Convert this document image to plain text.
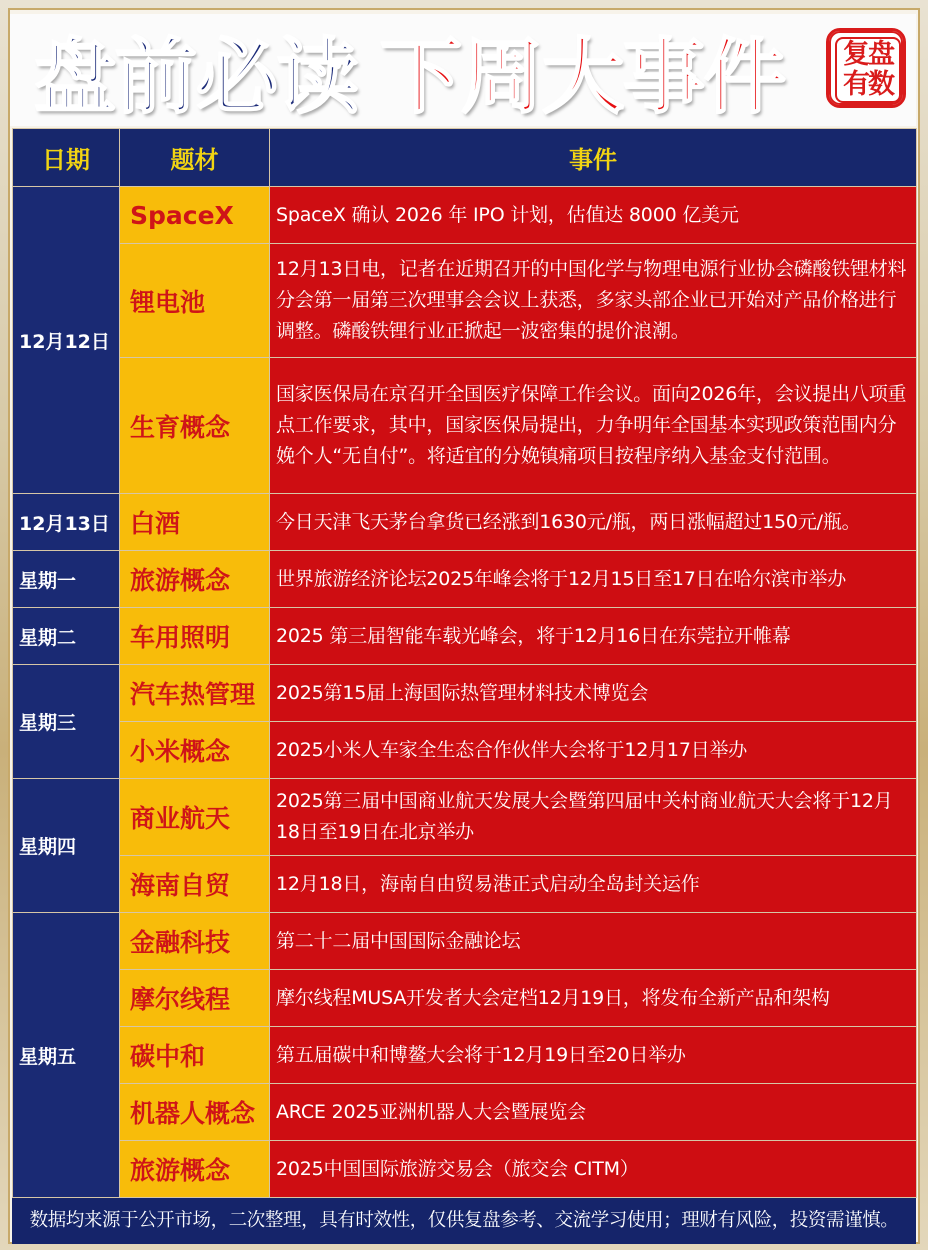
盘前必读 下周大事件 复盘
有数
日期	题材	事件
12月12日	SpaceX	SpaceX 确认 2026 年 IPO 计划，估值达 8000 亿美元
	锂电池	12月13日电，记者在近期召开的中国化学与物理电源行业协会磷酸铁锂材料分会第一届第三次理事会会议上获悉，多家头部企业已开始对产品价格进行调整。磷酸铁锂行业正掀起一波密集的提价浪潮。
	生育概念	国家医保局在京召开全国医疗保障工作会议。面向2026年，会议提出八项重点工作要求，其中，国家医保局提出，力争明年全国基本实现政策范围内分娩个人“无自付”。将适宜的分娩镇痛项目按程序纳入基金支付范围。
12月13日	白酒	今日天津飞天茅台拿货已经涨到1630元/瓶，两日涨幅超过150元/瓶。
星期一	旅游概念	世界旅游经济论坛2025年峰会将于12月15日至17日在哈尔滨市举办
星期二	车用照明	2025 第三届智能车载光峰会，将于12月16日在东莞拉开帷幕
星期三	汽车热管理	2025第15届上海国际热管理材料技术博览会
	小米概念	2025小米人车家全生态合作伙伴大会将于12月17日举办
星期四	商业航天	2025第三届中国商业航天发展大会暨第四届中关村商业航天大会将于12月18日至19日在北京举办
	海南自贸	12月18日，海南自由贸易港正式启动全岛封关运作
星期五	金融科技	第二十二届中国国际金融论坛
	摩尔线程	摩尔线程MUSA开发者大会定档12月19日，将发布全新产品和架构
	碳中和	第五届碳中和博鳌大会将于12月19日至20日举办
	机器人概念	ARCE 2025亚洲机器人大会暨展览会
	旅游概念	2025中国国际旅游交易会（旅交会 CITM）
数据均来源于公开市场，二次整理，具有时效性，仅供复盘参考、交流学习使用；理财有风险，投资需谨慎。
